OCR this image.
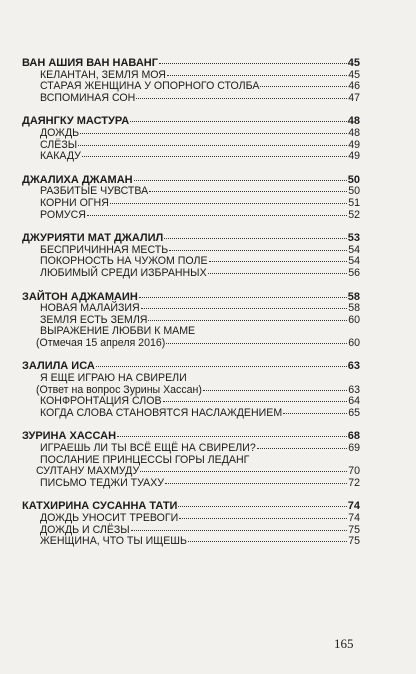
ВАН АШИЯ ВАН НАВАНГ	45
КЕЛАНТАН, ЗЕМЛЯ МОЯ	45
СТАРАЯ ЖЕНЩИНА У ОПОРНОГО СТОЛБА	46
ВСПОМИНАЯ СОН	47
ДАЯНГКУ МАСТУРА	48
ДОЖДЬ	48
СЛЁЗЫ	49
КАКАДУ	49
ДЖАЛИХА ДЖАМАН	50
РАЗБИТЫЕ ЧУВСТВА	50
КОРНИ ОГНЯ	51
РОМУСЯ	52
ДЖУРИЯТИ МАТ ДЖАЛИЛ	53
БЕСПРИЧИННАЯ МЕСТЬ	54
ПОКОРНОСТЬ НА ЧУЖОМ ПОЛЕ	54
ЛЮБИМЫЙ СРЕДИ ИЗБРАННЫХ	56
ЗАЙТОН АДЖАМАИН	58
НОВАЯ МАЛАЙЗИЯ	58
ЗЕМЛЯ ЕСТЬ ЗЕМЛЯ	60
ВЫРАЖЕНИЕ ЛЮБВИ К МАМЕ
(Отмечая 15 апреля 2016)	60
ЗАЛИЛА ИСА	63
Я ЕЩЕ ИГРАЮ НА СВИРЕЛИ
(Ответ на вопрос Зурины Хассан)	63
КОНФРОНТАЦИЯ СЛОВ	64
КОГДА СЛОВА СТАНОВЯТСЯ НАСЛАЖДЕНИЕМ	65
ЗУРИНА ХАССАН	68
ИГРАЕШЬ ЛИ ТЫ ВСЁ ЕЩЁ НА СВИРЕЛИ?	69
ПОСЛАНИЕ ПРИНЦЕССЫ ГОРЫ ЛЕДАНГ
СУЛТАНУ МАХМУДУ	70
ПИСЬМО ТЕДЖИ ТУАХУ	72
КАТХИРИНА СУСАННА ТАТИ	74
ДОЖДЬ УНОСИТ ТРЕВОГИ	74
ДОЖДЬ И СЛЁЗЫ	75
ЖЕНЩИНА, ЧТО ТЫ ИЩЕШЬ	75
165
